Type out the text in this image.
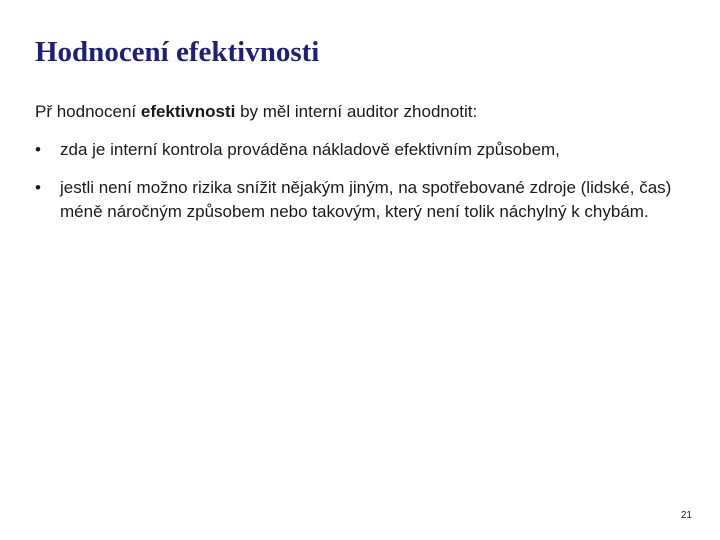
Hodnocení efektivnosti

Př hodnocení efektivnosti by měl interní auditor zhodnotit:

•	zda je interní kontrola prováděna nákladově efektivním způsobem,
•	jestli není možno rizika snížit nějakým jiným, na spotřebované zdroje (lidské, čas) méně náročným způsobem nebo takovým, který není tolik náchylný k chybám.
21
